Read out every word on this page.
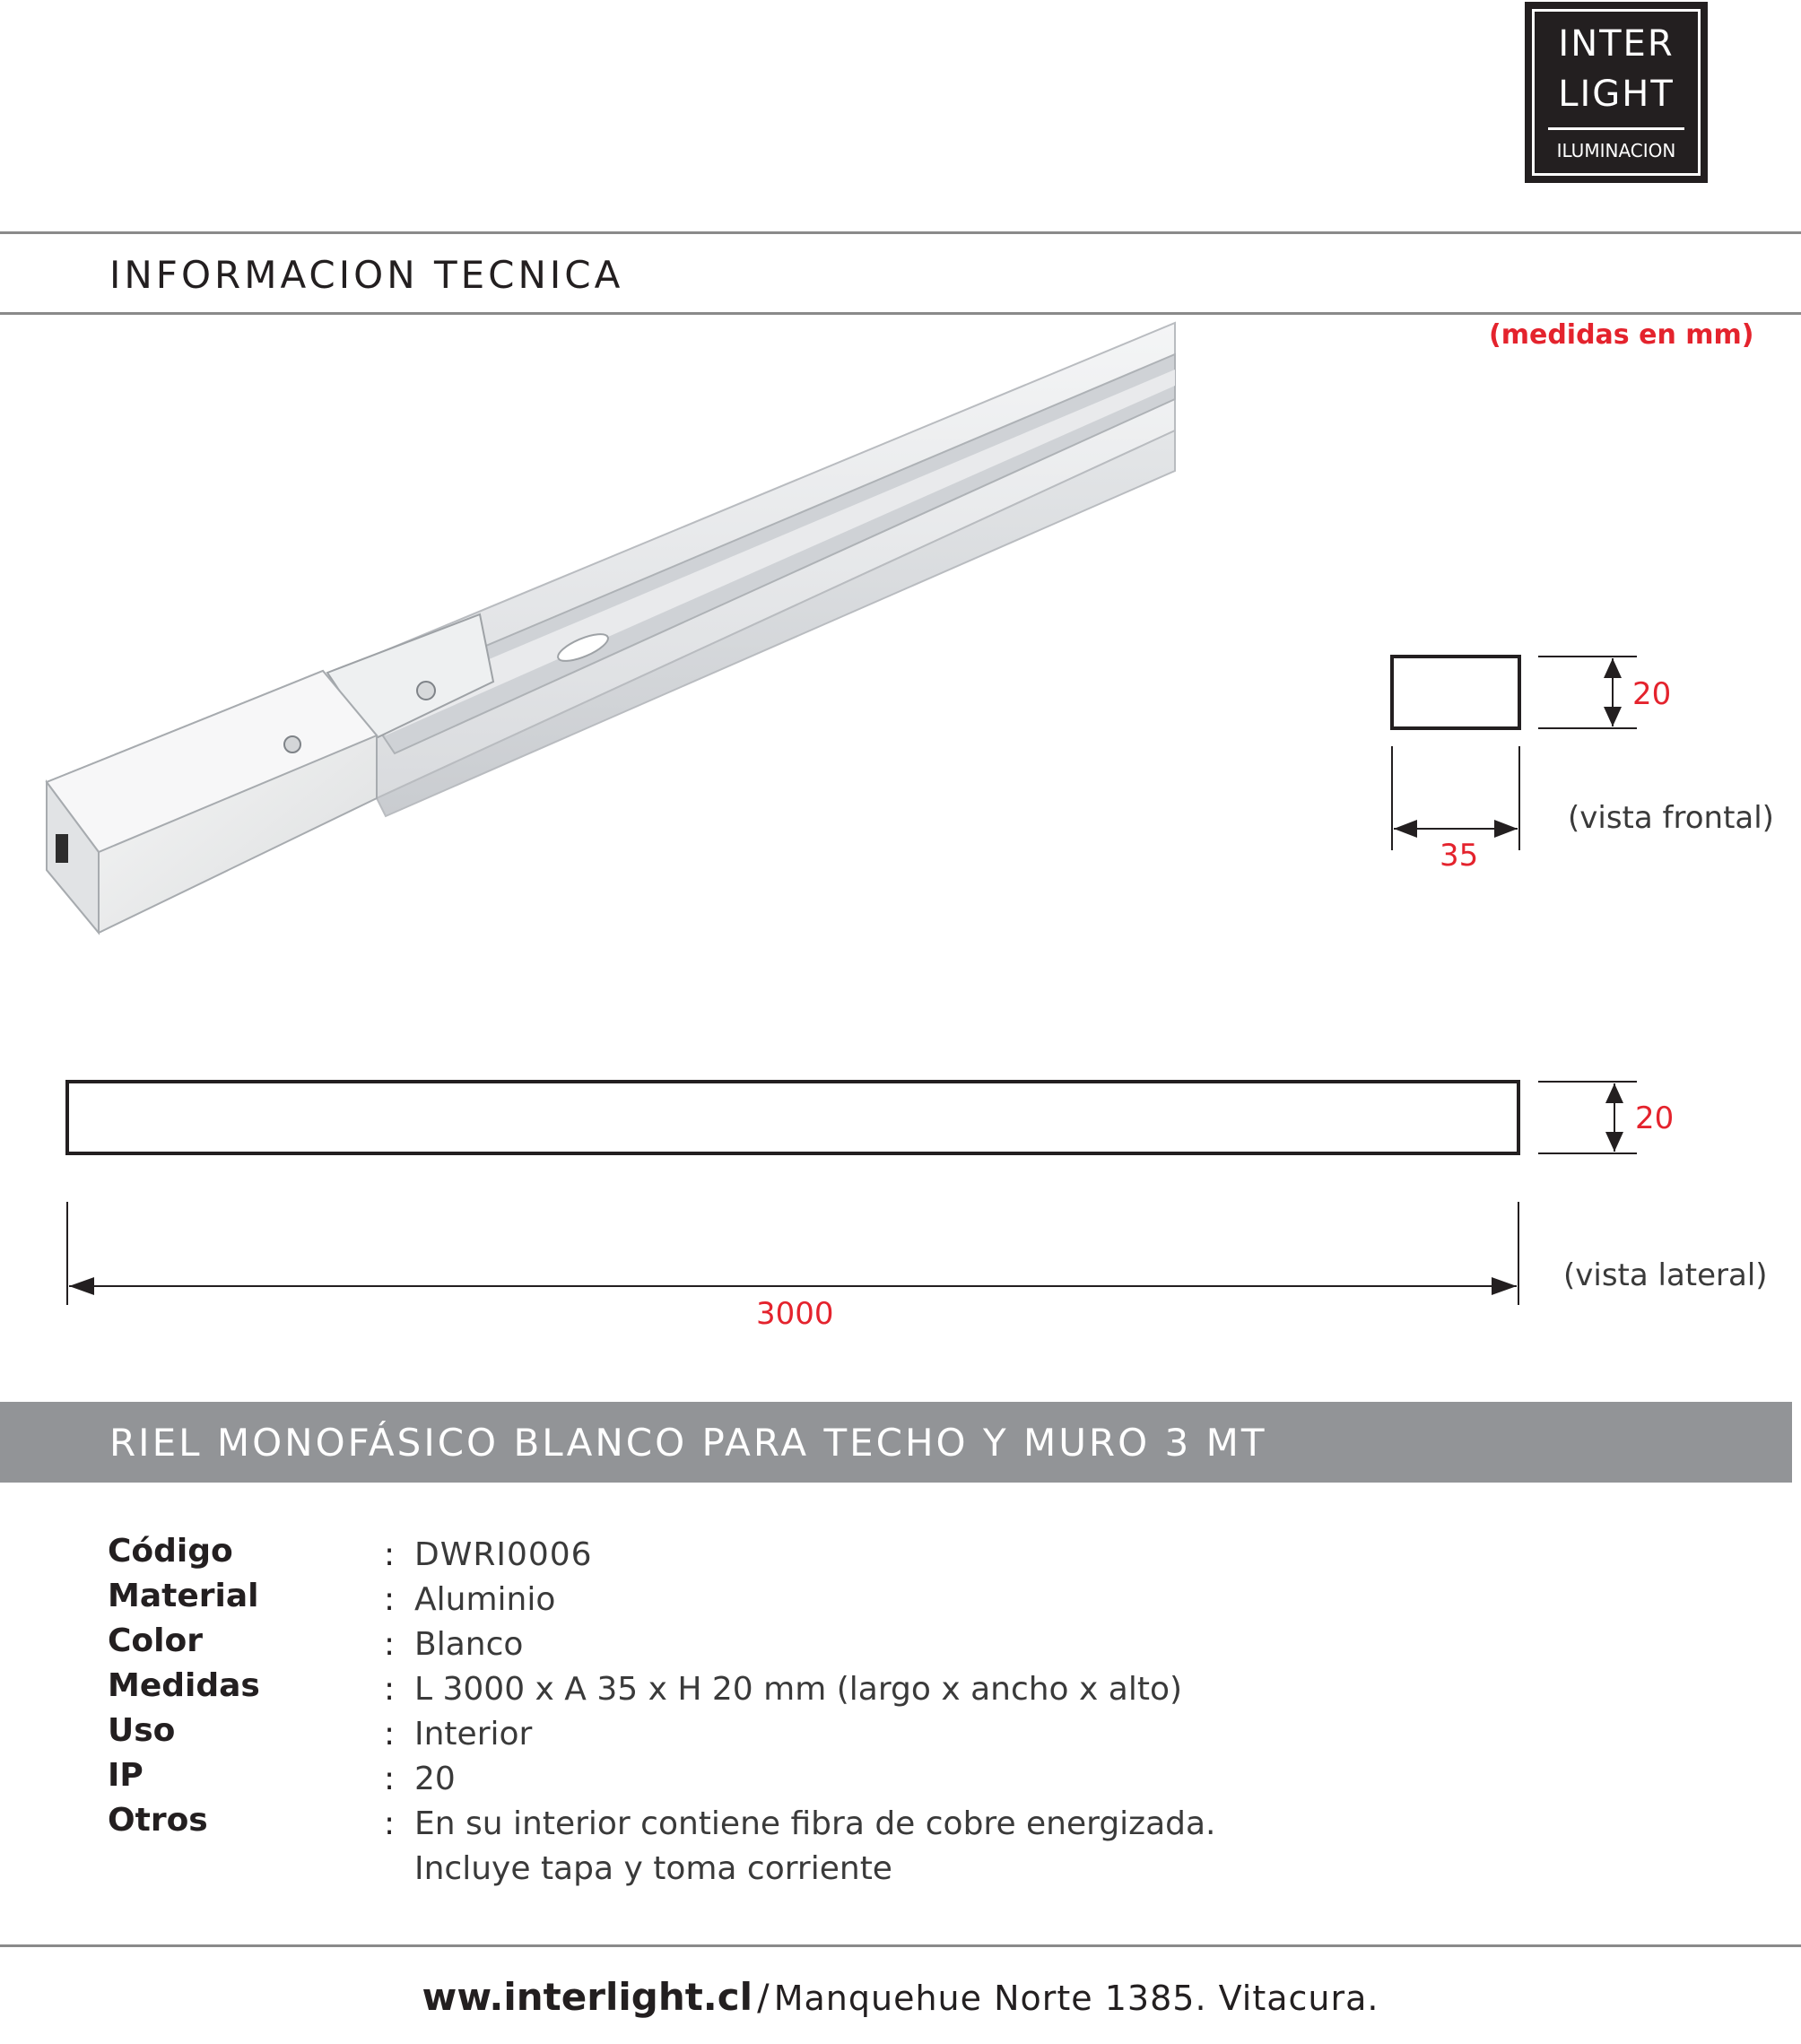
INTER
LIGHT
ILUMINACION
INFORMACION TECNICA
(medidas en mm)
20
35
(vista frontal)
20
3000
(vista lateral)
RIEL MONOFÁSICO BLANCO PARA TECHO Y MURO 3 MT
Código	: DWRI0006
Material	: Aluminio
Color	: Blanco
Medidas	: L 3000 x A 35 x H 20 mm (largo x ancho x alto)
Uso	: Interior
IP	: 20
Otros	: En su interior contiene fibra de cobre energizada.
Incluye tapa y toma corriente
ww.interlight.cl / Manquehue Norte 1385. Vitacura.
